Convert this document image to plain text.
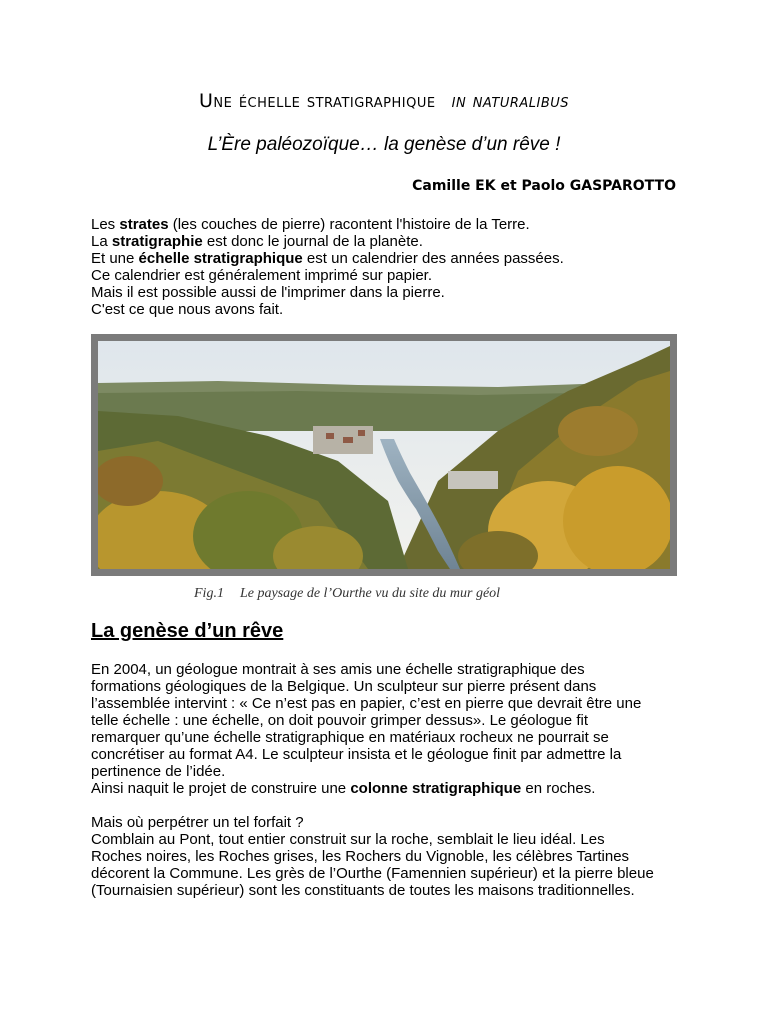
Une échelle stratigraphique in naturalibus
L’Ère paléozoïque… la genèse d’un rêve !
Camille EK et Paolo GASPAROTTO

Les strates (les couches de pierre) racontent l'histoire de la Terre.

La stratigraphie est donc le journal de la planète.

Et une échelle stratigraphique est un calendrier des années passées.

Ce calendrier est généralement imprimé sur papier.

Mais il est possible aussi de l'imprimer dans la pierre.

C'est ce que nous avons fait.

Fig.1 Le paysage de l’Ourthe vu du site du mur géol
La genèse d’un rêve

En 2004, un géologue montrait à ses amis une échelle stratigraphique des

formations géologiques de la Belgique. Un sculpteur sur pierre présent dans

l’assemblée intervint : « Ce n’est pas en papier, c’est en pierre que devrait être une

telle échelle : une échelle, on doit pouvoir grimper dessus». Le géologue fit

remarquer qu’une échelle stratigraphique en matériaux rocheux ne pourrait se

concrétiser au format A4. Le sculpteur insista et le géologue finit par admettre la

pertinence de l’idée.

Ainsi naquit le projet de construire une colonne stratigraphique en roches.

Mais où perpétrer un tel forfait ?

Comblain au Pont, tout entier construit sur la roche, semblait le lieu idéal. Les

Roches noires, les Roches grises, les Rochers du Vignoble, les célèbres Tartines

décorent la Commune. Les grès de l’Ourthe (Famennien supérieur) et la pierre bleue

(Tournaisien supérieur) sont les constituants de toutes les maisons traditionnelles.
